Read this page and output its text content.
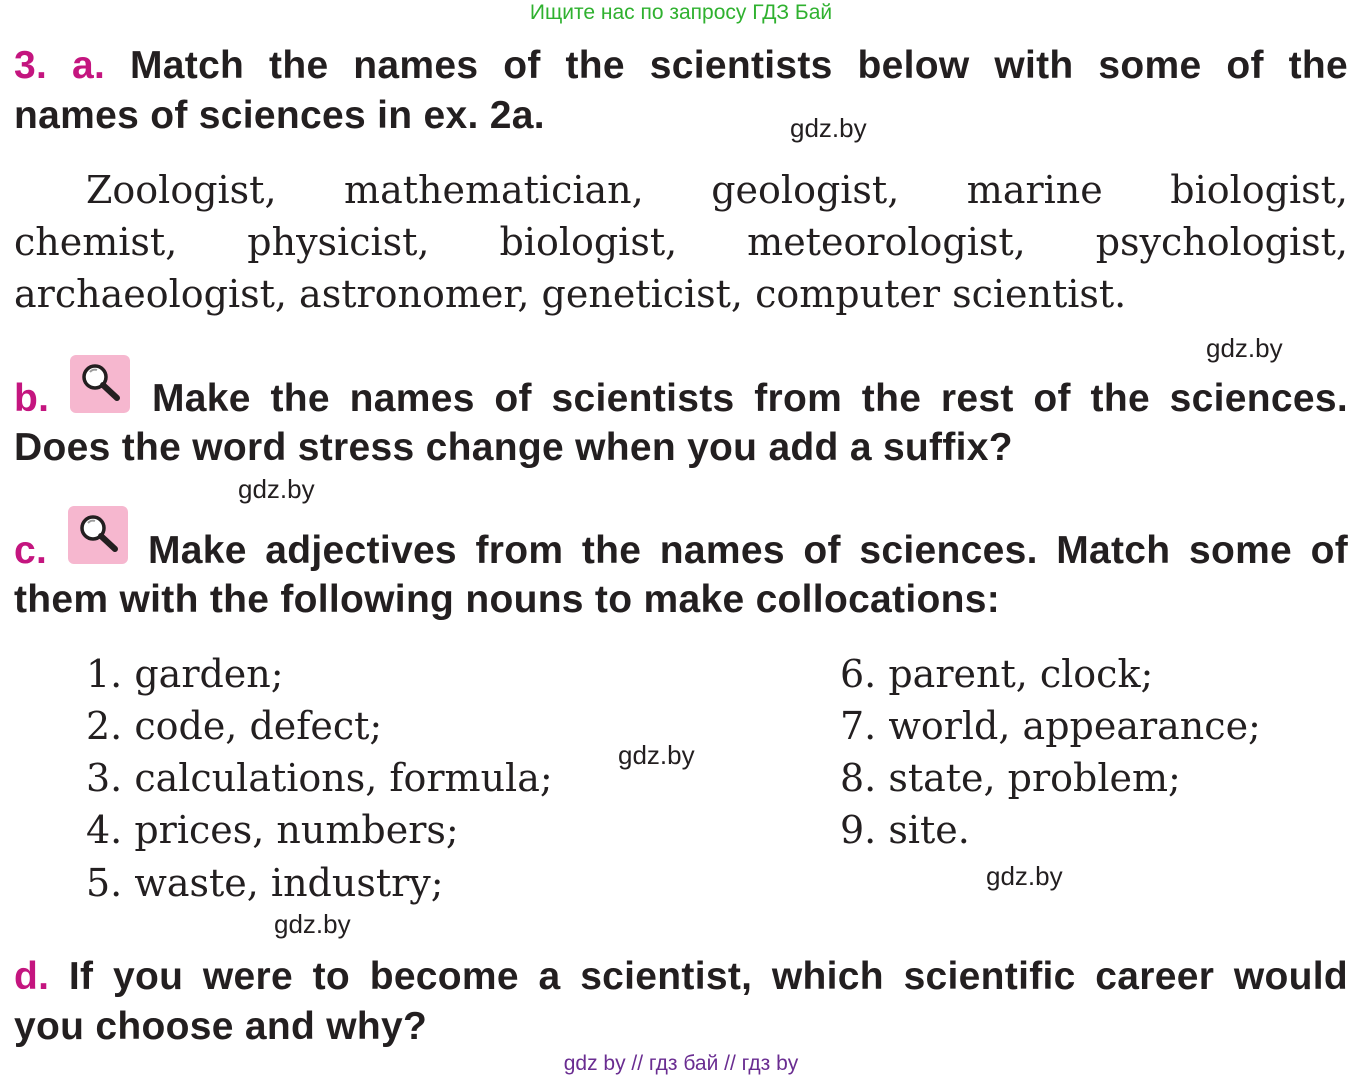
Ищите нас по запросу ГДЗ Бай
3. a. Match the names of the scientists below with some of the
names of sciences in ex. 2a.	gdz.by
Zoologist, mathematician, geologist, marine biologist,
chemist, physicist, biologist, meteorologist, psychologist,
archaeologist, astronomer, geneticist, computer scientist.
gdz.by
b.	Make the names of scientists from the rest of the sciences.
Does the word stress change when you add a suffix?
gdz.by
c.	Make adjectives from the names of sciences. Match some of
them with the following nouns to make collocations:
1. garden;
2. code, defect;
3. calculations, formula;
4. prices, numbers;
5. waste, industry;
gdz.by
6. parent, clock;
7. world, appearance;
8. state, problem;
9. site.
gdz.by
gdz.by
d. If you were to become a scientist, which scientific career would
you choose and why?
gdz by // гдз бай // гдз by
